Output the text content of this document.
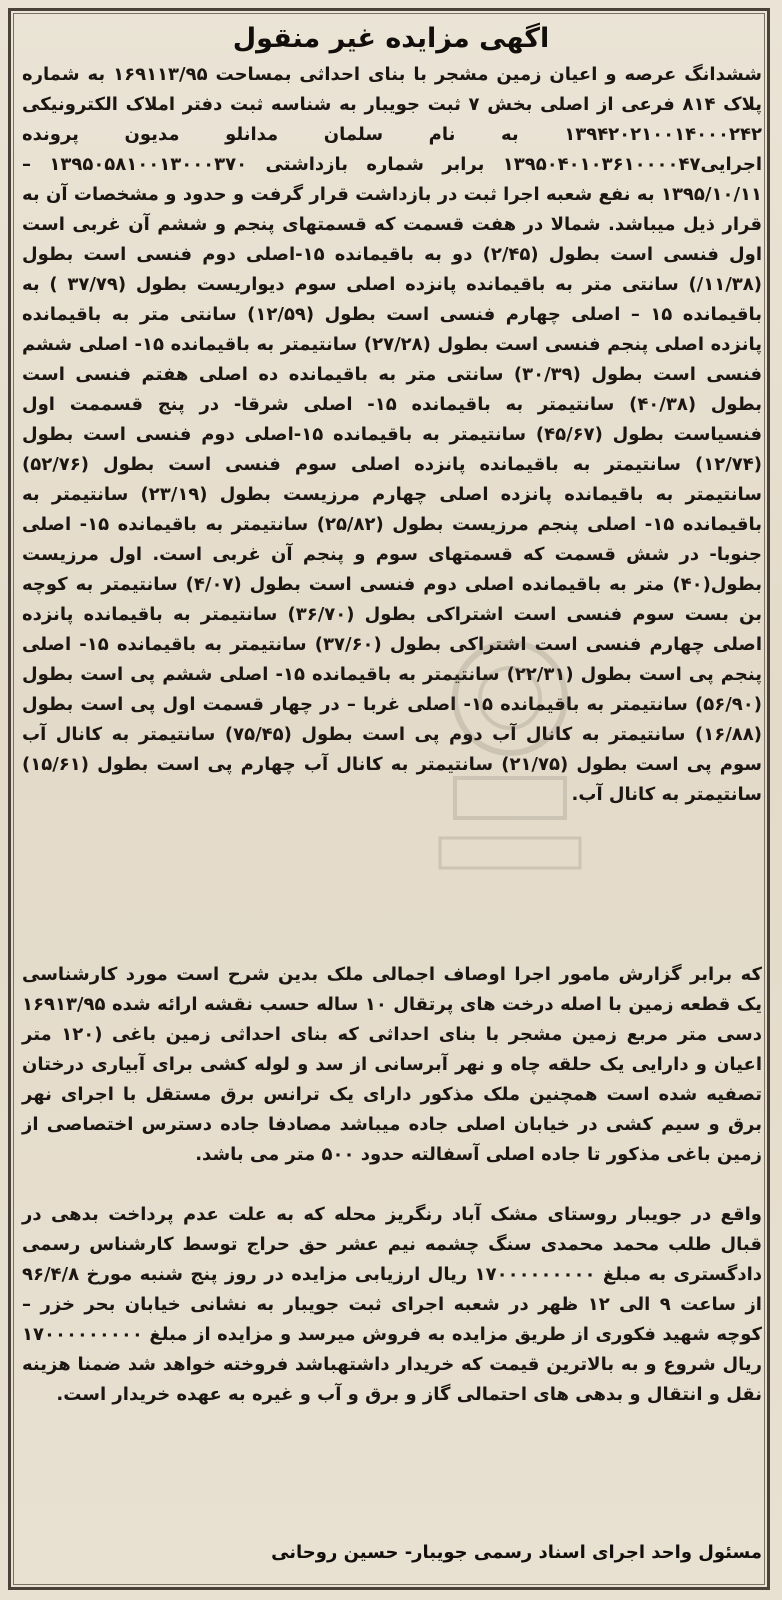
اگهی مزایده غیر منقول

ششدانگ عرصه و اعیان زمین مشجر با بنای احداثی بمساحت ۱۶۹۱۱۳/۹۵ به شماره پلاک ۸۱۴ فرعی از اصلی بخش ۷ ثبت جویبار به شناسه ثبت دفتر املاک الکترونیکی ۱۳۹۴۲۰۲۱۰۰۱۴۰۰۰۲۴۲ به نام سلمان مدانلو مدیون پرونده اجرایی۱۳۹۵۰۴۰۱۰۳۶۱۰۰۰۰۴۷ برابر شماره بازداشتی ۱۳۹۵۰۵۸۱۰۰۱۳۰۰۰۳۷۰ – ۱۳۹۵/۱۰/۱۱ به نفع شعبه اجرا ثبت در بازداشت قرار گرفت و حدود و مشخصات آن به قرار ذیل میباشد. شمالا در هفت قسمت که قسمتهای پنجم و ششم آن غربی است اول فنسی است بطول (۲/۴۵) دو به باقیمانده ۱۵-اصلی دوم فنسی است بطول (۱۱/۳۸/) سانتی متر به باقیمانده پانزده اصلی سوم دیواریست بطول (۳۷/۷۹ ) به باقیمانده ۱۵ – اصلی چهارم فنسی است بطول (۱۲/۵۹) سانتی متر به باقیمانده پانزده اصلی پنجم فنسی است بطول (۲۷/۲۸) سانتیمتر به باقیمانده ۱۵- اصلی ششم فنسی است بطول (۳۰/۳۹) سانتی متر به باقیمانده ده اصلی هفتم فنسی است بطول (۴۰/۳۸) سانتیمتر به باقیمانده ۱۵- اصلی شرقا- در پنج قسممت اول فنسیاست بطول (۴۵/۶۷) سانتیمتر به باقیمانده ۱۵-اصلی دوم فنسی است بطول (۱۲/۷۴) سانتیمتر به باقیمانده پانزده اصلی سوم فنسی است بطول (۵۲/۷۶) سانتیمتر به باقیمانده پانزده اصلی چهارم مرزیست بطول (۲۳/۱۹) سانتیمتر به باقیمانده ۱۵- اصلی پنجم مرزیست بطول (۲۵/۸۲) سانتیمتر به باقیمانده ۱۵- اصلی جنوبا- در شش قسمت که قسمتهای سوم و پنجم آن غربی است. اول مرزیست بطول(۴۰) متر به باقیمانده اصلی دوم فنسی است بطول (۴/۰۷) سانتیمتر به کوچه بن بست سوم فنسی است اشتراکی بطول (۳۶/۷۰) سانتیمتر به باقیمانده پانزده اصلی چهارم فنسی است اشتراکی بطول (۳۷/۶۰) سانتیمتر به باقیمانده ۱۵- اصلی پنجم پی است بطول (۲۲/۳۱) سانتیمتر به باقیمانده ۱۵- اصلی ششم پی است بطول (۵۶/۹۰) سانتیمتر به باقیمانده ۱۵- اصلی غربا – در چهار قسمت اول پی است بطول (۱۶/۸۸) سانتیمتر به کانال آب دوم پی است بطول (۷۵/۴۵) سانتیمتر به کانال آب سوم پی است بطول (۲۱/۷۵) سانتیمتر به کانال آب چهارم پی است بطول (۱۵/۶۱) سانتیمتر به کانال آب.

که برابر گزارش مامور اجرا اوصاف اجمالی ملک بدین شرح است مورد کارشناسی یک قطعه زمین با اصله درخت های پرتقال ۱۰ ساله حسب نقشه ارائه شده ۱۶۹۱۳/۹۵ دسی متر مربع زمین مشجر با بنای احداثی که بنای احداثی زمین باغی (۱۲۰ متر اعیان و دارایی یک حلقه چاه و نهر آبرسانی از سد و لوله کشی برای آبیاری درختان تصفیه شده است همچنین ملک مذکور دارای یک ترانس برق مستقل با اجرای نهر برق و سیم کشی در خیابان اصلی جاده میباشد مصادفا جاده دسترس اختصاصی از زمین باغی مذکور تا جاده اصلی آسفالته حدود ۵۰۰ متر می باشد.

واقع در جویبار روستای مشک آباد رنگریز محله که به علت عدم پرداخت بدهی در قبال طلب محمد محمدی سنگ چشمه نیم عشر حق حراج توسط کارشناس رسمی دادگستری به مبلغ ۱۷۰۰۰۰۰۰۰۰۰ ریال ارزیابی مزایده در روز پنج شنبه مورخ ۹۶/۴/۸ از ساعت ۹ الی ۱۲ ظهر در شعبه اجرای ثبت جویبار به نشانی خیابان بحر خزر – کوچه شهید فکوری از طریق مزایده به فروش میرسد و مزایده از مبلغ ۱۷۰۰۰۰۰۰۰۰۰ ریال شروع و به بالاترین قیمت که خریدار داشتهباشد فروخته خواهد شد ضمنا هزینه نقل و انتقال و بدهی های احتمالی گاز و برق و آب و غیره به عهده خریدار است.

مسئول واحد اجرای اسناد رسمی جویبار- حسین روحانی
